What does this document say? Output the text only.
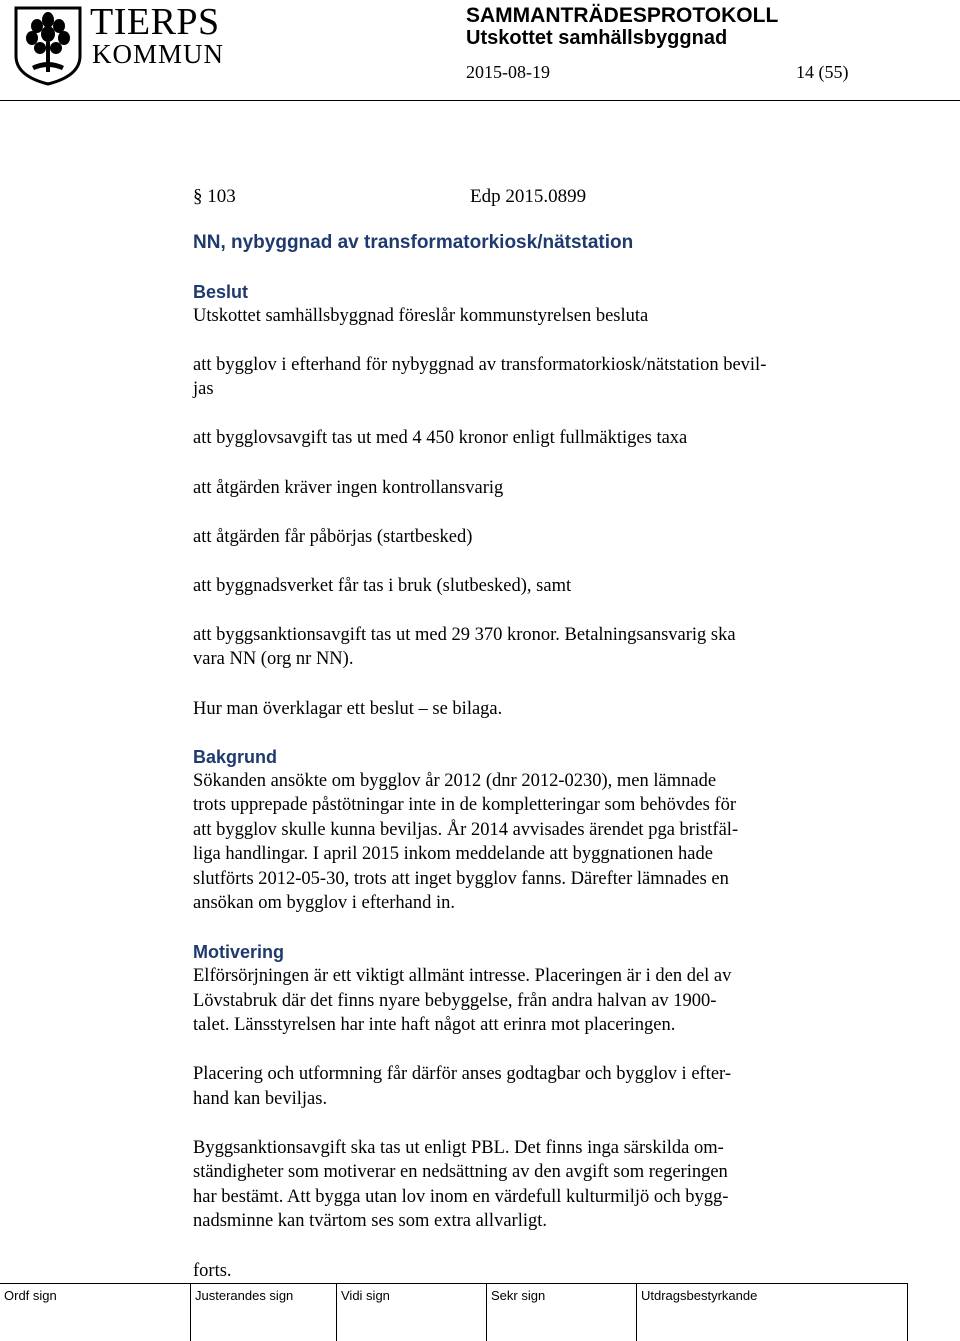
TIERPS
KOMMUN
SAMMANTRÄDESPROTOKOLL
Utskottet samhällsbyggnad
2015-08-19	14 (55)
§ 103	Edp 2015.0899
NN, nybyggnad av transformatorkiosk/nätstation
Beslut
Utskottet samhällsbyggnad föreslår kommunstyrelsen besluta
att bygglov i efterhand för nybyggnad av transformatorkiosk/nätstation bevil-
jas
att bygglovsavgift tas ut med 4 450 kronor enligt fullmäktiges taxa
att åtgärden kräver ingen kontrollansvarig
att åtgärden får påbörjas (startbesked)
att byggnadsverket får tas i bruk (slutbesked), samt
att byggsanktionsavgift tas ut med 29 370 kronor. Betalningsansvarig ska
vara NN (org nr NN).
Hur man överklagar ett beslut – se bilaga.
Bakgrund
Sökanden ansökte om bygglov år 2012 (dnr 2012-0230), men lämnade
trots upprepade påstötningar inte in de kompletteringar som behövdes för
att bygglov skulle kunna beviljas. År 2014 avvisades ärendet pga bristfäl-
liga handlingar. I april 2015 inkom meddelande att byggnationen hade
slutförts 2012-05-30, trots att inget bygglov fanns. Därefter lämnades en
ansökan om bygglov i efterhand in.
Motivering
Elförsörjningen är ett viktigt allmänt intresse. Placeringen är i den del av
Lövstabruk där det finns nyare bebyggelse, från andra halvan av 1900-
talet. Länsstyrelsen har inte haft något att erinra mot placeringen.
Placering och utformning får därför anses godtagbar och bygglov i efter-
hand kan beviljas.
Byggsanktionsavgift ska tas ut enligt PBL. Det finns inga särskilda om-
ständigheter som motiverar en nedsättning av den avgift som regeringen
har bestämt. Att bygga utan lov inom en värdefull kulturmiljö och bygg-
nadsminne kan tvärtom ses som extra allvarligt.
forts.
Ordf sign	Justerandes sign	Vidi sign	Sekr sign	Utdragsbestyrkande
